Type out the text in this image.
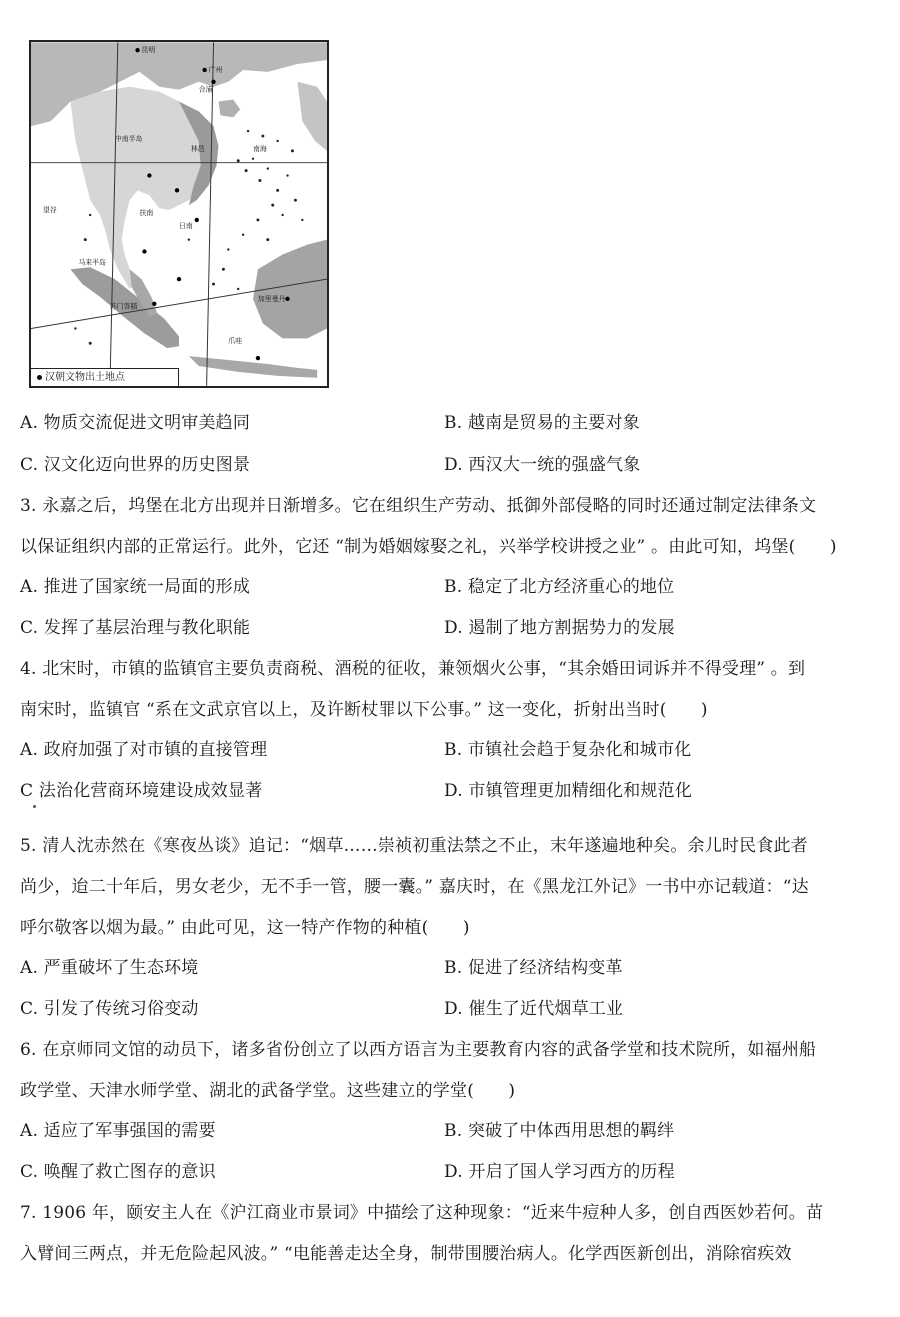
昆明
广州
合浦
中南半岛
望谷
林邑
日南
扶南
马来半岛
苏门答腊
加里曼丹
爪哇
南海
汉朝文物出土地点
A. 物质交流促进文明审美趋同	B. 越南是贸易的主要对象
C. 汉文化迈向世界的历史图景	D. 西汉大一统的强盛气象
3. 永嘉之后，坞堡在北方出现并日渐增多。它在组织生产劳动、抵御外部侵略的同时还通过制定法律条文
以保证组织内部的正常运行。此外，它还 “制为婚姻嫁娶之礼，兴举学校讲授之业” 。由此可知，坞堡(　　)
A. 推进了国家统一局面的形成	B. 稳定了北方经济重心的地位
C. 发挥了基层治理与教化职能	D. 遏制了地方割据势力的发展
4. 北宋时，市镇的监镇官主要负责商税、酒税的征收，兼领烟火公事，“其余婚田词诉并不得受理” 。到
南宋时，监镇官 “系在文武京官以上，及许断杖罪以下公事。” 这一变化，折射出当时(　　)
A. 政府加强了对市镇的直接管理	B. 市镇社会趋于复杂化和城市化
C 法治化营商环境建设成效显著	D. 市镇管理更加精细化和规范化
5. 清人沈赤然在《寒夜丛谈》追记：“烟草……崇祯初重法禁之不止，末年遂遍地种矣。余儿时民食此者
尚少，迨二十年后，男女老少，无不手一管，腰一囊。” 嘉庆时，在《黑龙江外记》一书中亦记载道：“达
呼尔敬客以烟为最。” 由此可见，这一特产作物的种植(　　)
A. 严重破坏了生态环境	B. 促进了经济结构变革
C. 引发了传统习俗变动	D. 催生了近代烟草工业
6. 在京师同文馆的动员下，诸多省份创立了以西方语言为主要教育内容的武备学堂和技术院所，如福州船
政学堂、天津水师学堂、湖北的武备学堂。这些建立的学堂(　　)
A. 适应了军事强国的需要	B. 突破了中体西用思想的羁绊
C. 唤醒了救亡图存的意识	D. 开启了国人学习西方的历程
7. 1906 年，颐安主人在《沪江商业市景词》中描绘了这种现象：“近来牛痘种人多，创自西医妙若何。苗
入臂间三两点，并无危险起风波。” “电能善走达全身，制带围腰治病人。化学西医新创出，消除宿疾效
